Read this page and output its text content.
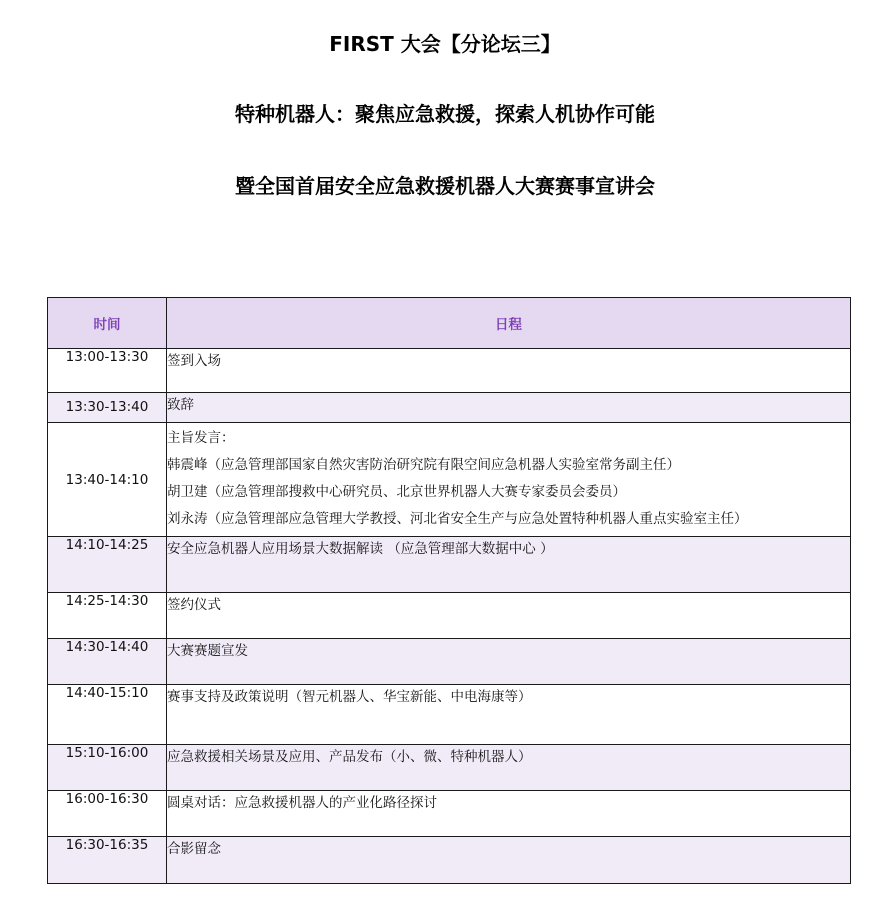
FIRST 大会【分论坛三】
特种机器人：聚焦应急救援，探索人机协作可能
暨全国首届安全应急救援机器人大赛赛事宣讲会
时间	日程
13:00-13:30	签到入场
13:30-13:40	致辞
13:40-14:10	主旨发言：
韩震峰（应急管理部国家自然灾害防治研究院有限空间应急机器人实验室常务副主任）
胡卫建（应急管理部搜救中心研究员、北京世界机器人大赛专家委员会委员）
刘永涛（应急管理部应急管理大学教授、河北省安全生产与应急处置特种机器人重点实验室主任）

14:10-14:25	安全应急机器人应用场景大数据解读 （应急管理部大数据中心 ）
14:25-14:30	签约仪式
14:30-14:40	大赛赛题宣发
14:40-15:10	赛事支持及政策说明（智元机器人、华宝新能、中电海康等）
15:10-16:00	应急救援相关场景及应用、产品发布（小、微、特种机器人）
16:00-16:30	圆桌对话：应急救援机器人的产业化路径探讨
16:30-16:35	合影留念
